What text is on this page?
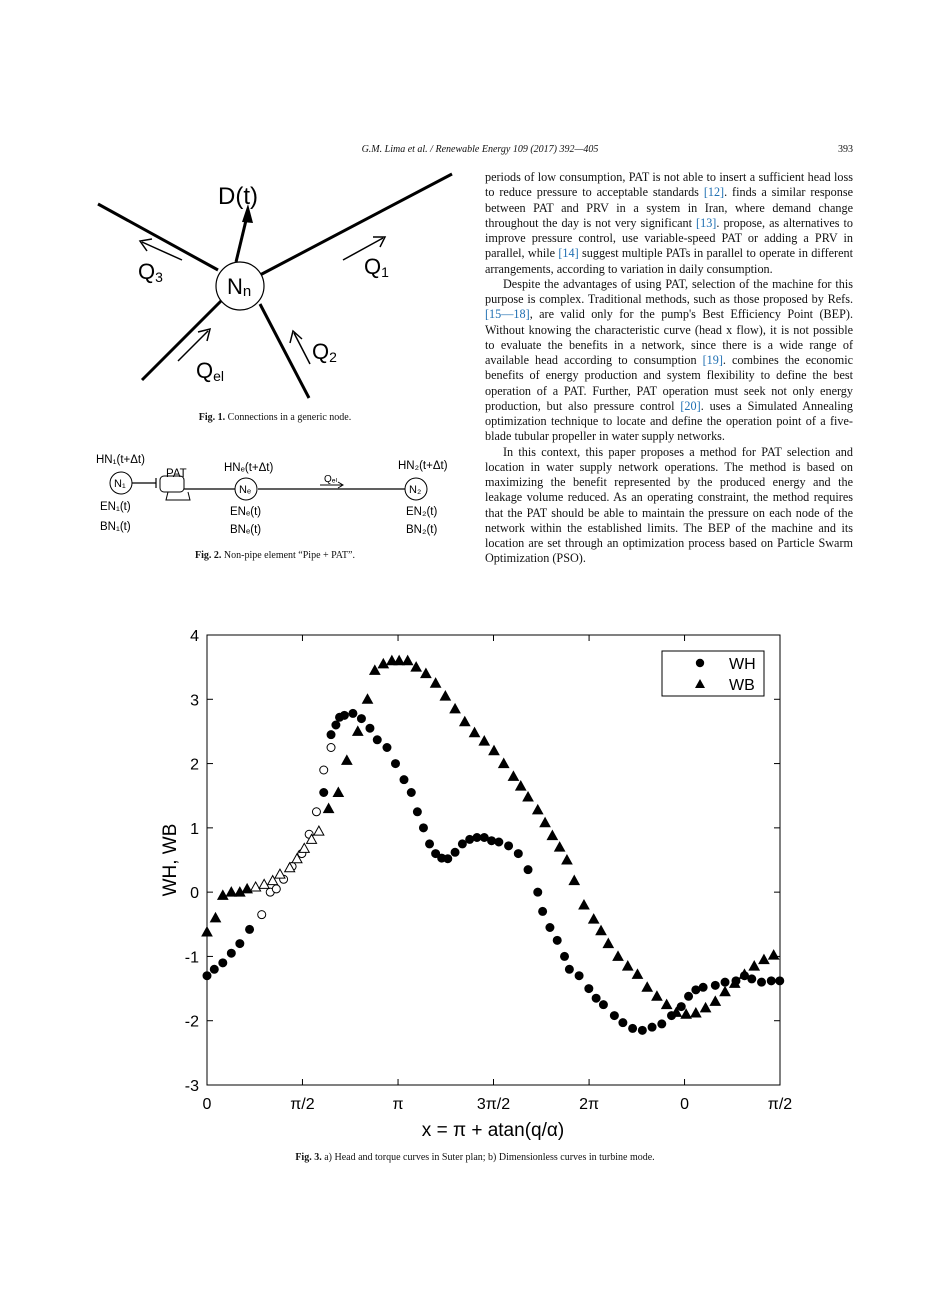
G.M. Lima et al. / Renewable Energy 109 (2017) 392—405	393
D(t)
Nn
Q3	Q1
Q2
Qel
Fig. 1. Connections in a generic node.
HN₁(t+Δt)
PAT	HNₑ(t+Δt)
Qₑₗ
HN₂(t+Δt)
EN₁(t)
BN₁(t)
ENₑ(t)
BNₑ(t)
EN₂(t)
BN₂(t)
N₁	Nₑ	N₂
Fig. 2. Non-pipe element “Pipe + PAT”.

periods of low consumption, PAT is not able to insert a sufficient head loss to reduce pressure to acceptable standards [12]. finds a similar response between PAT and PRV in a system in Iran, where demand change throughout the day is not very significant [13]. propose, as alternatives to improve pressure control, use variable-speed PAT or adding a PRV in parallel, while [14] suggest multiple PATs in parallel to operate in different arrangements, according to variation in daily consumption.

Despite the advantages of using PAT, selection of the machine for this purpose is complex. Traditional methods, such as those proposed by Refs. [15—18], are valid only for the pump's Best Efficiency Point (BEP). Without knowing the characteristic curve (head x flow), it is not possible to evaluate the benefits in a network, since there is a wide range of available head according to consumption [19]. combines the economic benefits of energy production and system flexibility to define the best operation of a PAT. Further, PAT operation must seek not only energy production, but also pressure control [20]. uses a Simulated Annealing optimization technique to locate and define the operation point of a five-blade tubular propeller in water supply networks.

In this context, this paper proposes a method for PAT selection and location in water supply network operations. The method is based on maximizing the benefit represented by the produced energy and the leakage volume reduced. As an operating constraint, the method requires that the PAT should be able to maintain the pressure on each node of the network within the established limits. The BEP of the machine and its location are set through an optimization process based on Particle Swarm Optimization (PSO).

-3
-2
-1
0
1
2
3
4
0	π/2	π	3π/2	2π	0	π/2
WH
WB
x = π + atan(q/α)
WH, WB
Fig. 3. a) Head and torque curves in Suter plan; b) Dimensionless curves in turbine mode.
